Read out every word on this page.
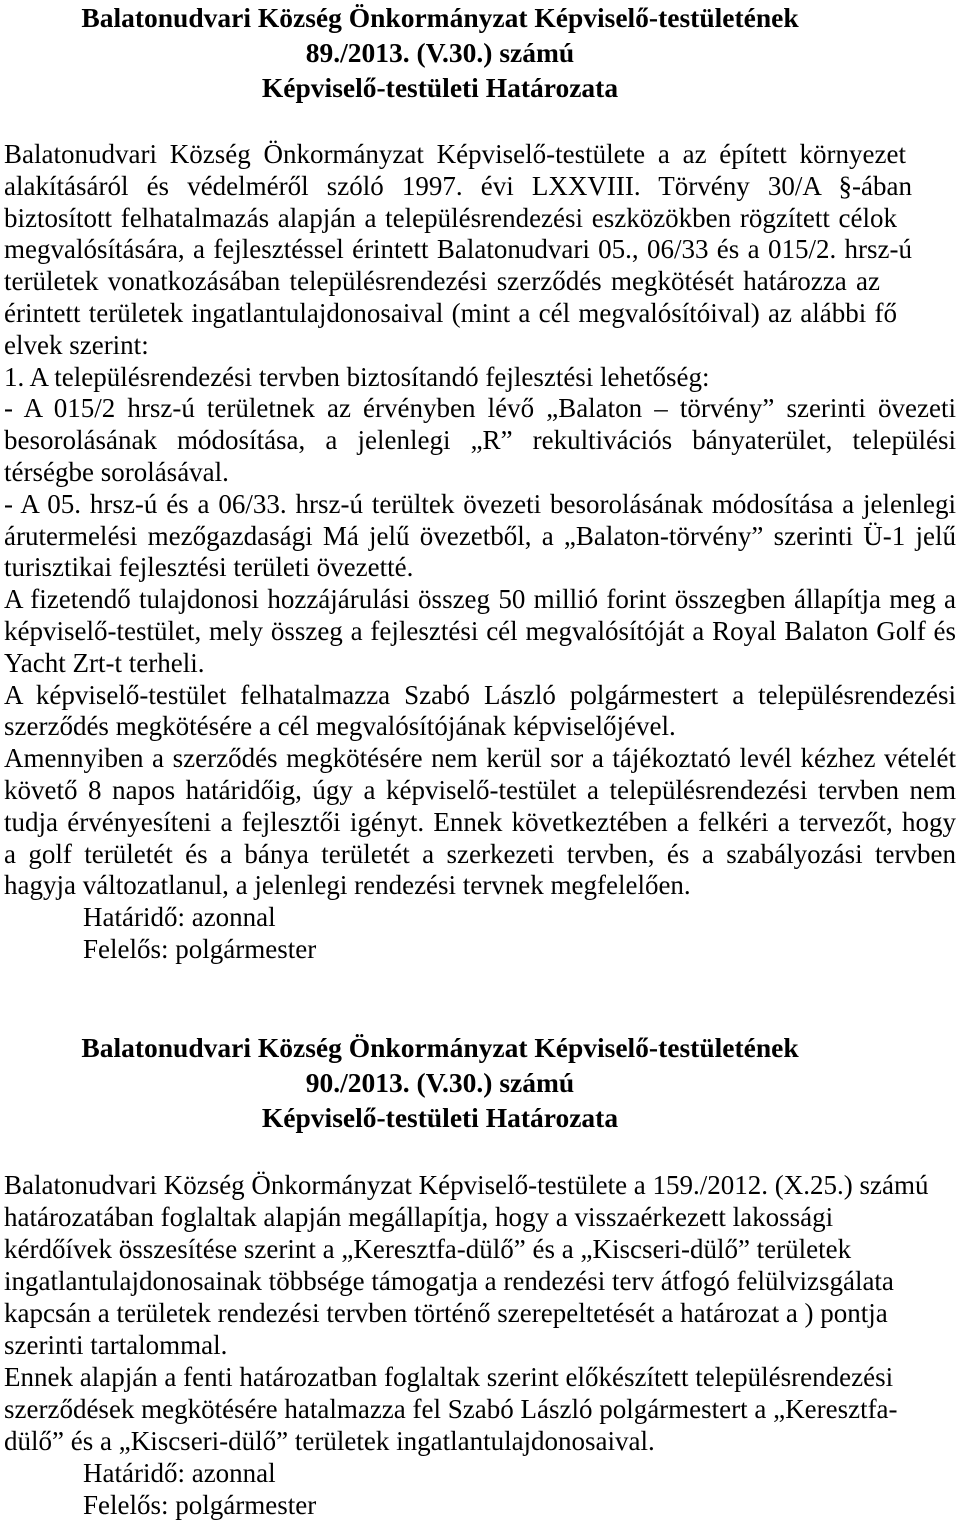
Balatonudvari Község Önkormányzat Képviselő-testületének
89./2013. (V.30.) számú
Képviselő-testületi Határozata
Balatonudvari Község Önkormányzat Képviselő-testülete a az épített környezet
alakításáról és védelméről szóló 1997. évi LXXVIII. Törvény 30/A §-ában
biztosított felhatalmazás alapján a településrendezési eszközökben rögzített célok
megvalósítására, a fejlesztéssel érintett Balatonudvari 05., 06/33 és a 015/2. hrsz-ú
területek vonatkozásában településrendezési szerződés megkötését határozza az
érintett területek ingatlantulajdonosaival (mint a cél megvalósítóival) az alábbi fő
elvek szerint:
1. A településrendezési tervben biztosítandó fejlesztési lehetőség:
- A 015/2 hrsz-ú területnek az érvényben lévő „Balaton – törvény” szerinti övezeti
besorolásának módosítása, a jelenlegi „R” rekultivációs bányaterület, települési
térségbe sorolásával.
- A 05. hrsz-ú és a 06/33. hrsz-ú terültek övezeti besorolásának módosítása a jelenlegi
árutermelési mezőgazdasági Má jelű övezetből, a „Balaton-törvény” szerinti Ü-1 jelű
turisztikai fejlesztési területi övezetté.
A fizetendő tulajdonosi hozzájárulási összeg 50 millió forint összegben állapítja meg a
képviselő-testület, mely összeg a fejlesztési cél megvalósítóját a Royal Balaton Golf és
Yacht Zrt-t terheli.
A képviselő-testület felhatalmazza Szabó László polgármestert a településrendezési
szerződés megkötésére a cél megvalósítójának képviselőjével.
Amennyiben a szerződés megkötésére nem kerül sor a tájékoztató levél kézhez vételét
követő 8 napos határidőig, úgy a képviselő-testület a településrendezési tervben nem
tudja érvényesíteni a fejlesztői igényt. Ennek következtében a felkéri a tervezőt, hogy
a golf területét és a bánya területét a szerkezeti tervben, és a szabályozási tervben
hagyja változatlanul, a jelenlegi rendezési tervnek megfelelően.
Határidő: azonnal
Felelős: polgármester
Balatonudvari Község Önkormányzat Képviselő-testületének
90./2013. (V.30.) számú
Képviselő-testületi Határozata
Balatonudvari Község Önkormányzat Képviselő-testülete a 159./2012. (X.25.) számú
határozatában foglaltak alapján megállapítja, hogy a visszaérkezett lakossági
kérdőívek összesítése szerint a „Keresztfa-dülő” és a „Kiscseri-dülő” területek
ingatlantulajdonosainak többsége támogatja a rendezési terv átfogó felülvizsgálata
kapcsán a területek rendezési tervben történő szerepeltetését a határozat a ) pontja
szerinti tartalommal.
Ennek alapján a fenti határozatban foglaltak szerint előkészített településrendezési
szerződések megkötésére hatalmazza fel Szabó László polgármestert a „Keresztfa-
dülő” és a „Kiscseri-dülő” területek ingatlantulajdonosaival.
Határidő: azonnal
Felelős: polgármester
